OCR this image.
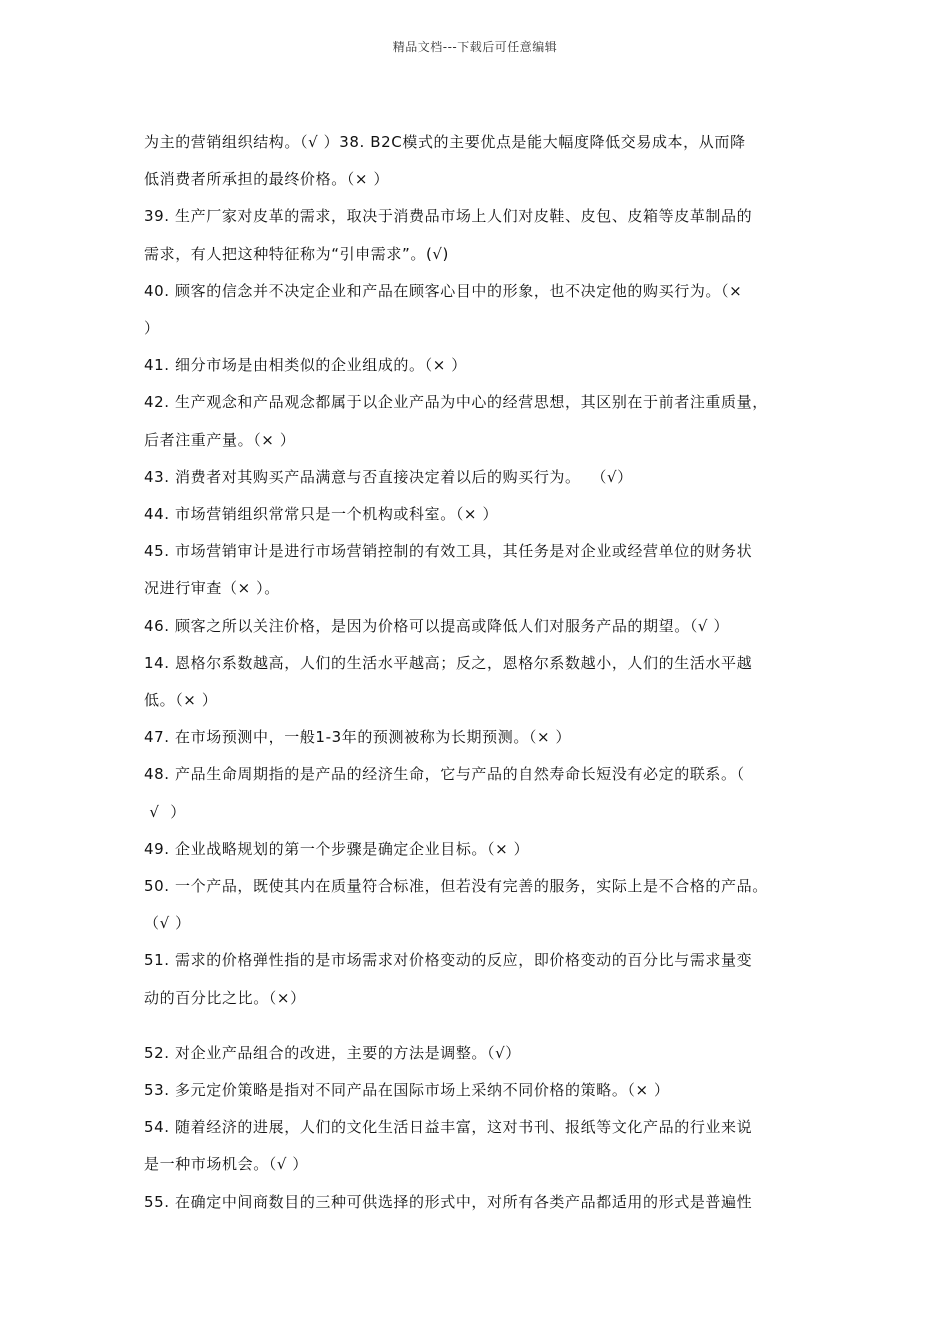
精品文档---下载后可任意编辑
为主的营销组织结构。（√ ）38. B2C模式的主要优点是能大幅度降低交易成本，从而降
低消费者所承担的最终价格。（× ）
39. 生产厂家对皮革的需求，取决于消费品市场上人们对皮鞋、皮包、皮箱等皮革制品的
需求，有人把这种特征称为“引申需求”。(√)
40. 顾客的信念并不决定企业和产品在顾客心目中的形象，也不决定他的购买行为。（×
）
41. 细分市场是由相类似的企业组成的。（× ）
42. 生产观念和产品观念都属于以企业产品为中心的经营思想，其区别在于前者注重质量，
后者注重产量。（× ）
43. 消费者对其购买产品满意与否直接决定着以后的购买行为。  （√）
44. 市场营销组织常常只是一个机构或科室。（× ）
45. 市场营销审计是进行市场营销控制的有效工具，其任务是对企业或经营单位的财务状
况进行审查（× ）。
46. 顾客之所以关注价格，是因为价格可以提高或降低人们对服务产品的期望。（√ ）
14. 恩格尔系数越高，人们的生活水平越高；反之，恩格尔系数越小，人们的生活水平越
低。（× ）
47. 在市场预测中，一般1-3年的预测被称为长期预测。（× ）
48. 产品生命周期指的是产品的经济生命，它与产品的自然寿命长短没有必定的联系。（
√  ）
49. 企业战略规划的第一个步骤是确定企业目标。（× ）
50. 一个产品，既使其内在质量符合标准，但若没有完善的服务，实际上是不合格的产品。
（√ ）
51. 需求的价格弹性指的是市场需求对价格变动的反应，即价格变动的百分比与需求量变
动的百分比之比。（×）
52. 对企业产品组合的改进，主要的方法是调整。（√）
53. 多元定价策略是指对不同产品在国际市场上采纳不同价格的策略。（× ）
54. 随着经济的进展，人们的文化生活日益丰富，这对书刊、报纸等文化产品的行业来说
是一种市场机会。（√ ）
55. 在确定中间商数目的三种可供选择的形式中，对所有各类产品都适用的形式是普遍性
